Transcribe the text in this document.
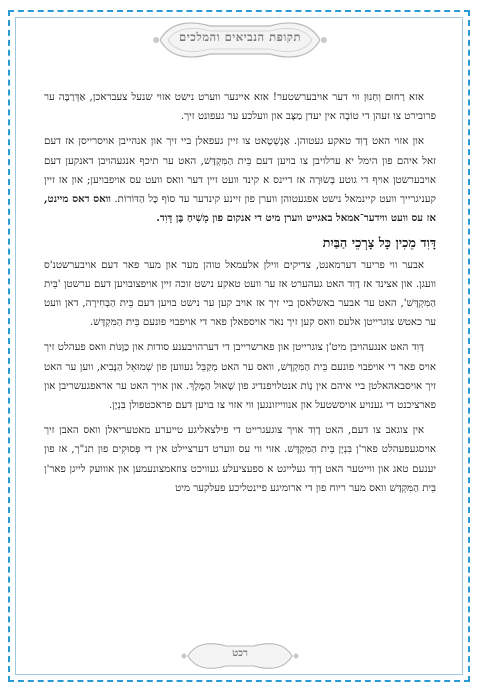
תקופת הנביאים והמלכים

אזא רַחוּם וְחַנוּן ווי דער אויבערשטער! אזא איינער ווערט נישט אזוי שנעל צעבראכן, אַדְּרַבָּה ער פרובירט צו זעהן די טוֹבָה אין יעדן מַצָּב און וועלכע ער געפונט זיך.

און אזוי האט דָוִד טאקע געטוהן. אַנְשְׁטָאט צו זיין געפאלן ביי זיך און אנהייבן אויסרייסן אז דעם זאל איהם פון הימל יא ערלויבן צו בויען דעם בֵּית הַמִּקְדָּשׁ, האט ער תיכף אנגעהויבן דאנקען דעם אויבערשטן אויף די גוטע בְּשׂוּרָה אז דיינס א קינד וועט זיין דער וואס וועט עס אויפבויען; און אז זיין קעניגרייך וועט קיינמאל נישט אפגעטוהן ווערן פון זיינע קינדער עד סוֹף כָּל הַדּוֹרוֹת. וואס דאס מיינט, אז עס וועט ווידער־אמאל באגייט ווערן מיט די אנקום פון מָשִׁיחַ בֶּן דָּוִד.

דָּוִד מֵכִין כָּל צָרְכֵי הַבַּיִת

אבער ווי פריער דערמאנט, צדיקים ווילן אלעמאל טוהן מער און מער פאר דעם אויבערשטנ'ס וועגן. און אצינד אז דָוִד האט געהערט אז ער וועט טאקע נישט זוכה זיין אויפצובויען דעם ערשטן 'בֵּית הַמִּקְדָּשׁ', האט ער אבער באשלאסן ביי זיך אז אויב קען ער נישט בויען דעם בֵּית הַבְּחִירָה, דאן וועט ער כאטש צוגרייטן אלעס וואס קען זיך נאר אויספאלן פאר די אויפבוי פונעם בֵּית הַמִּקְדָּשׁ.

דָּוִד האט אנגעהויבן מיט'ן צוגרייטן און פארשרייבן די דערהויבענע סודות און כַּוָּנוֹת וואס פעהלט זיך אויס פאר די אויפבוי פונעם בֵּית הַמִּקְדָּשׁ, וואס ער האט מְקַבֵּל געווען פון שְׁמוּאֵל הַנָּבִיא, ווען ער האט זיך אויסבאהאלטן ביי איהם אין נָוֹת אנטלויפנדיג פון שָׁאוּל הַמֶּלֶךְ. און אויך האט ער אראפגעשריבן און פארציכנט די גענויע אויסשטעל און אנווייזונגען ווי אזוי צו בויען דעם פראכטפולן בִּנְיָן.

אין צוגאב צו דעם, האט דָוִד אויך צוגעגרייט די פילצאליגע טייערע מאטעריאלן וואס האבן זיך אויסגעפעהלט פאר'ן בִּנְיָן בֵּית הַמִּקְדָּשׁ. אזוי ווי עס ווערט דערציילט אין די פְּסוּקִים פון תנ"ך, אז פון יענעם טאג און ווייטער האט דָוִד געלייגט א ספעציעלע געוויכט צוזאמצונעמען און אווועק לייגן פאר'ן בֵּית הַמִּקְדָּשׁ וואס מער ריוח פון די ארומיגע פיינטליכע פעלקער מיט

רכט
